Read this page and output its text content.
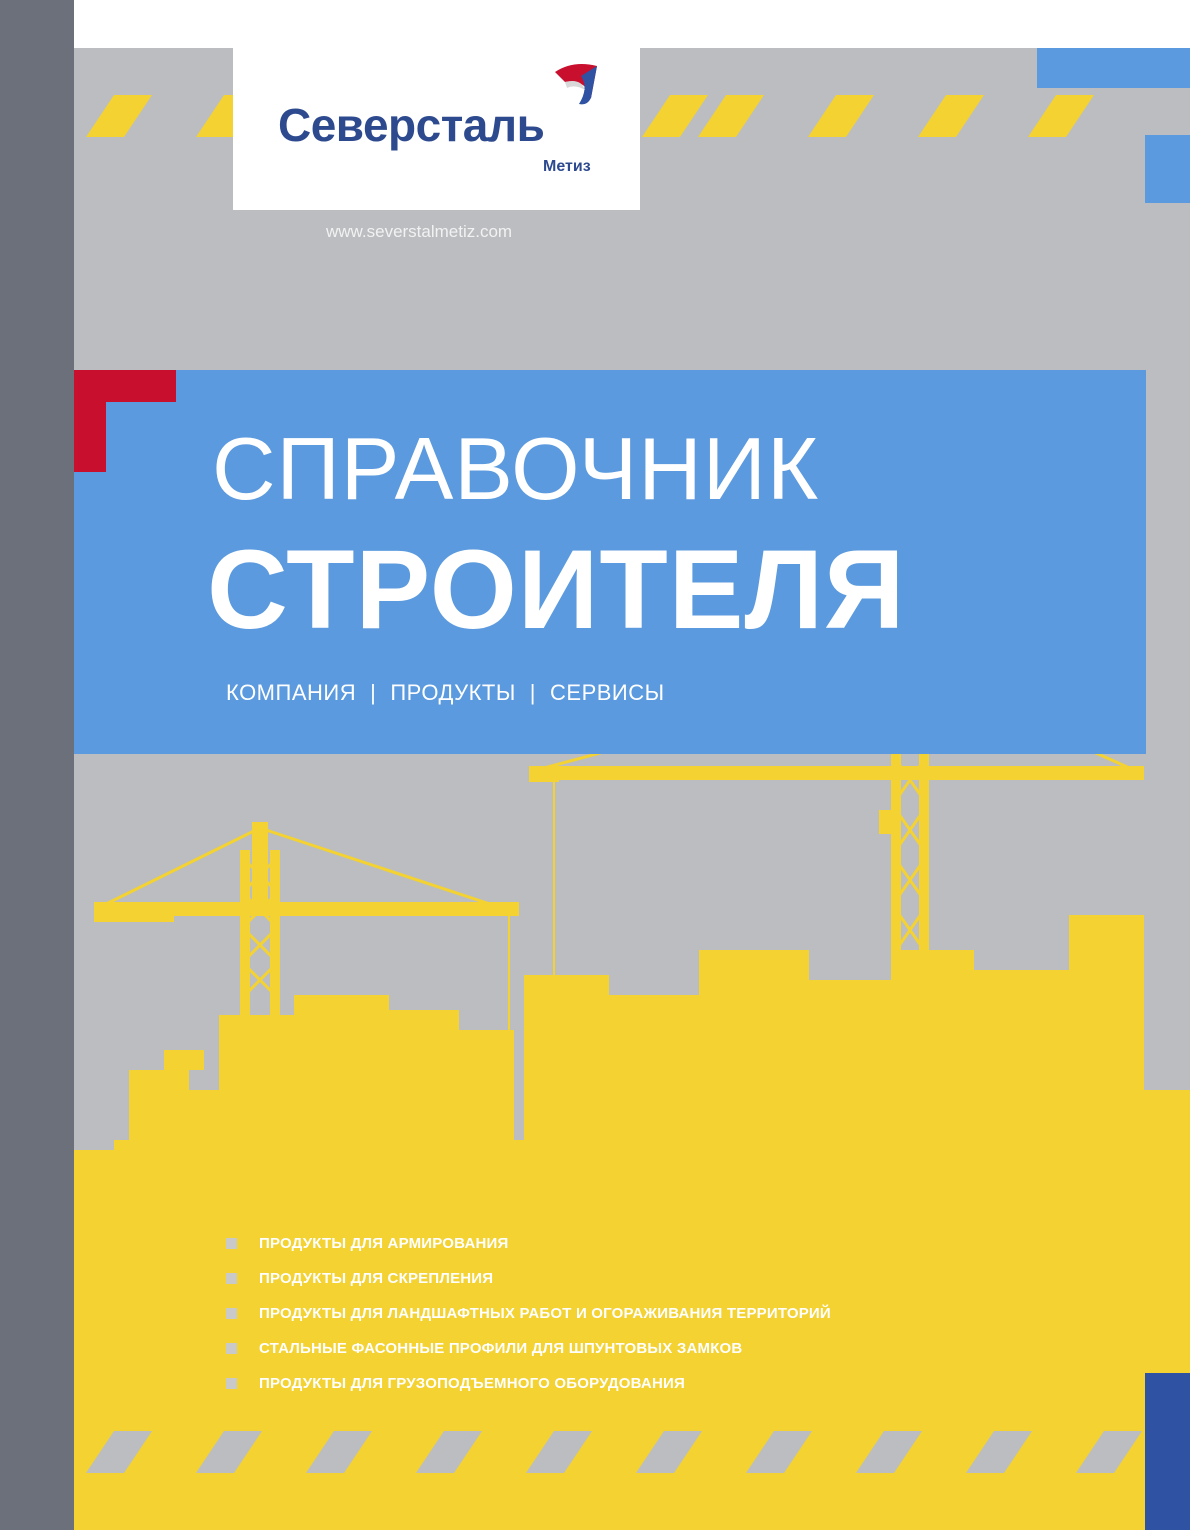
Северсталь
Метиз
www.severstalmetiz.com
СПРАВОЧНИК
СТРОИТЕЛЯ
КОМПАНИЯ | ПРОДУКТЫ | СЕРВИСЫ
ПРОДУКТЫ ДЛЯ АРМИРОВАНИЯ
ПРОДУКТЫ ДЛЯ СКРЕПЛЕНИЯ
ПРОДУКТЫ ДЛЯ ЛАНДШАФТНЫХ РАБОТ И ОГОРАЖИВАНИЯ ТЕРРИТОРИЙ
СТАЛЬНЫЕ ФАСОННЫЕ ПРОФИЛИ ДЛЯ ШПУНТОВЫХ ЗАМКОВ
ПРОДУКТЫ ДЛЯ ГРУЗОПОДЪЕМНОГО ОБОРУДОВАНИЯ
